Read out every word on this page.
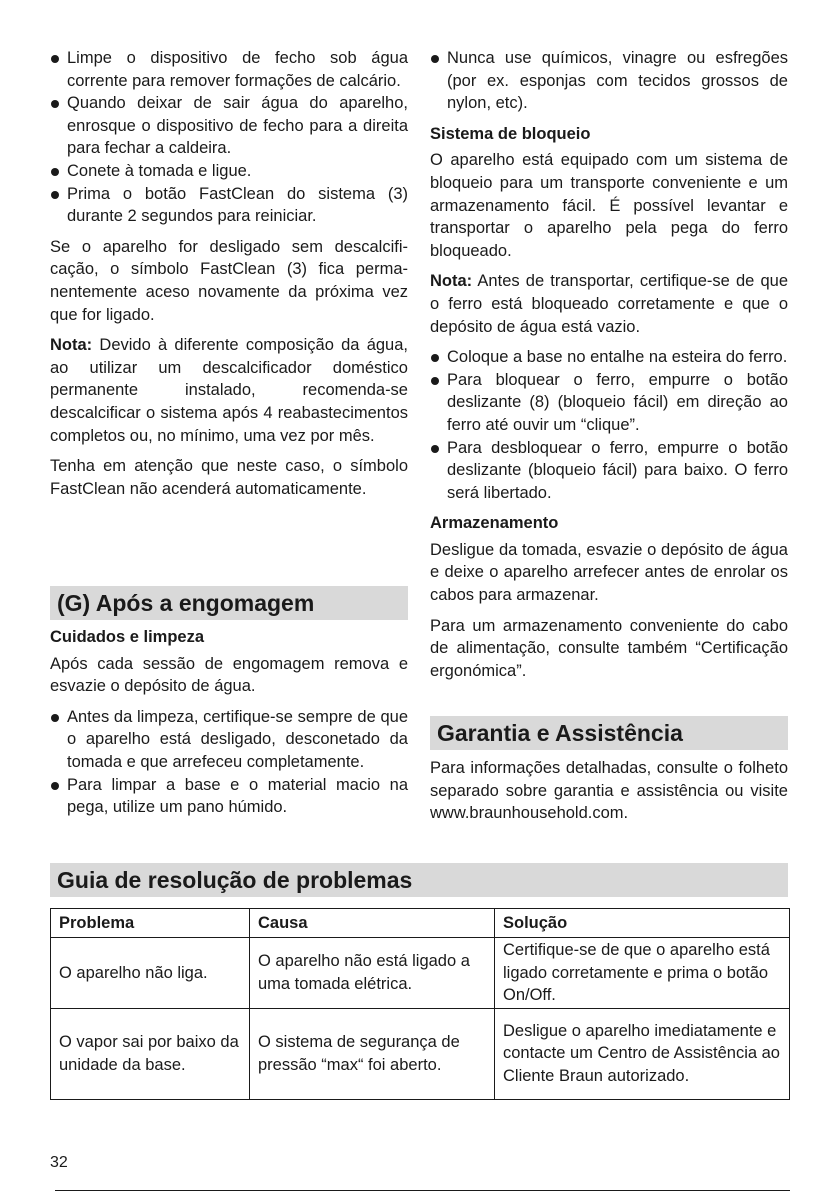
Limpe o dispositivo de fecho sob água corrente para remover formações de calcário.
Quando deixar de sair água do aparelho, enrosque o dispositivo de fecho para a direita para fechar a caldeira.
Conete à tomada e ligue.
Prima o botão FastClean do sistema (3) durante 2 segundos para reiniciar.

Se o aparelho for desligado sem descalcificação, o símbolo FastClean (3) fica permanentemente aceso novamente da próxima vez que for ligado.

Nota: Devido à diferente composição da água, ao utilizar um descalcificador doméstico permanente instalado, recomenda-se descalcificar o sistema após 4 reabastecimentos completos ou, no mínimo, uma vez por mês.

Tenha em atenção que neste caso, o símbolo FastClean não acenderá automaticamente.

(G) Após a engomagem
Cuidados e limpeza

Após cada sessão de engomagem remova e esvazie o depósito de água.

Antes da limpeza, certifique-se sempre de que o aparelho está desligado, desconetado da tomada e que arrefeceu completamente.
Para limpar a base e o material macio na pega, utilize um pano húmido.
Nunca use químicos, vinagre ou esfregões (por ex. esponjas com tecidos grossos de nylon, etc).
Sistema de bloqueio

O aparelho está equipado com um sistema de bloqueio para um transporte conveniente e um armazenamento fácil. É possível levantar e transportar o aparelho pela pega do ferro bloqueado.

Nota: Antes de transportar, certifique-se de que o ferro está bloqueado corretamente e que o depósito de água está vazio.

Coloque a base no entalhe na esteira do ferro.
Para bloquear o ferro, empurre o botão deslizante (8) (bloqueio fácil) em direção ao ferro até ouvir um “clique”.
Para desbloquear o ferro, empurre o botão deslizante (bloqueio fácil) para baixo. O ferro será libertado.
Armazenamento

Desligue da tomada, esvazie o depósito de água e deixe o aparelho arrefecer antes de enrolar os cabos para armazenar.

Para um armazenamento conveniente do cabo de alimentação, consulte também “Certificação ergonómica”.

Garantia e Assistência

Para informações detalhadas, consulte o folheto separado sobre garantia e assistência ou visite www.braunhousehold.com.

Guia de resolução de problemas
Problema	Causa	Solução
O aparelho não liga.	O aparelho não está ligado a uma tomada elétrica.	Certifique-se de que o aparelho está ligado corretamente e prima o botão On/Off.
O vapor sai por baixo da unidade da base.	O sistema de segurança de pressão “max“ foi aberto.	Desligue o aparelho imediatamente e contacte um Centro de Assistência ao Cliente Braun autorizado.
32
